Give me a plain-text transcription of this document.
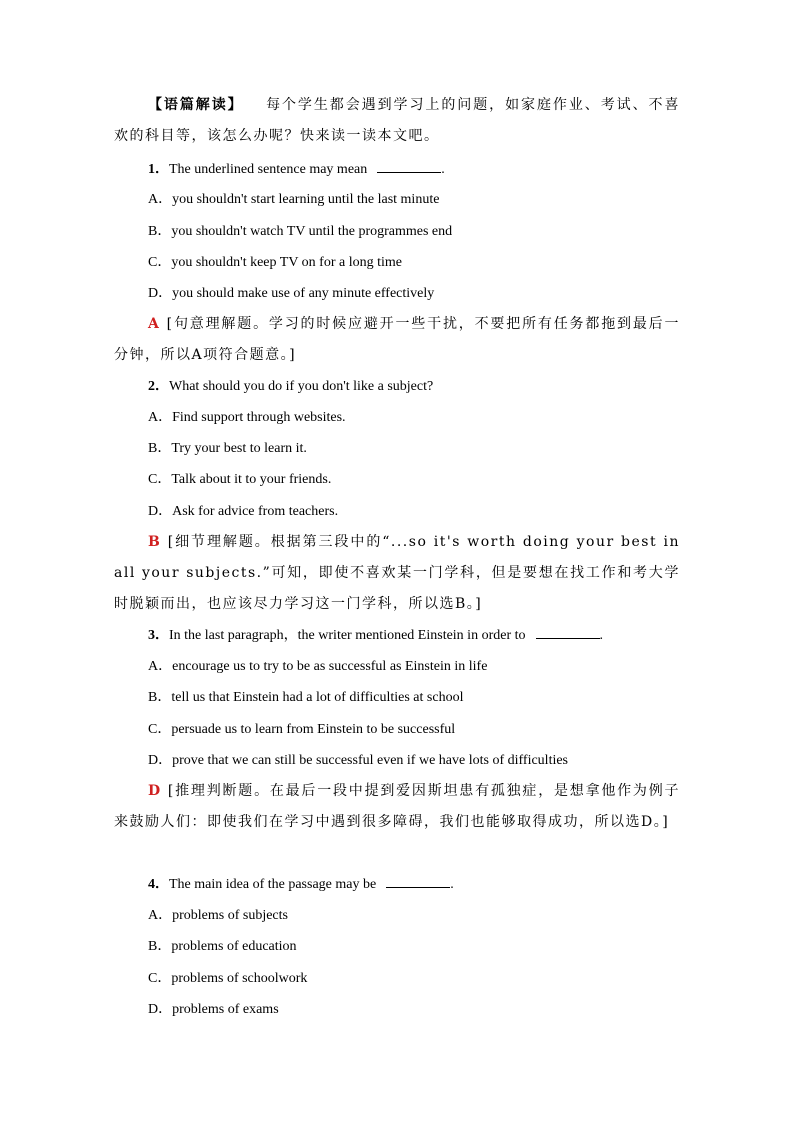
【语篇解读】 每个学生都会遇到学习上的问题，如家庭作业、考试、不喜欢的科目等，该怎么办呢？快来读一读本文吧。
1．The underlined sentence may mean	.
A．you shouldn't start learning until the last minute
B．you shouldn't watch TV until the programmes end
C．you shouldn't keep TV on for a long time
D．you should make use of any minute effectively
A [句意理解题。学习的时候应避开一些干扰，不要把所有任务都拖到最后一分钟，所以A项符合题意。]
2．What should you do if you don't like a subject?
A．Find support through websites.
B．Try your best to learn it.
C．Talk about it to your friends.
D．Ask for advice from teachers.
B [细节理解题。根据第三段中的“...so it's worth doing your best in all your subjects.”可知，即使不喜欢某一门学科，但是要想在找工作和考大学时脱颖而出，也应该尽力学习这一门学科，所以选B。]
3．In the last paragraph，the writer mentioned Einstein in order to	.
A．encourage us to try to be as successful as Einstein in life
B．tell us that Einstein had a lot of difficulties at school
C．persuade us to learn from Einstein to be successful
D．prove that we can still be successful even if we have lots of difficulties
D [推理判断题。在最后一段中提到爱因斯坦患有孤独症，是想拿他作为例子来鼓励人们：即使我们在学习中遇到很多障碍，我们也能够取得成功，所以选D。]
4．The main idea of the passage may be	.
A．problems of subjects
B．problems of education
C．problems of schoolwork
D．problems of exams
